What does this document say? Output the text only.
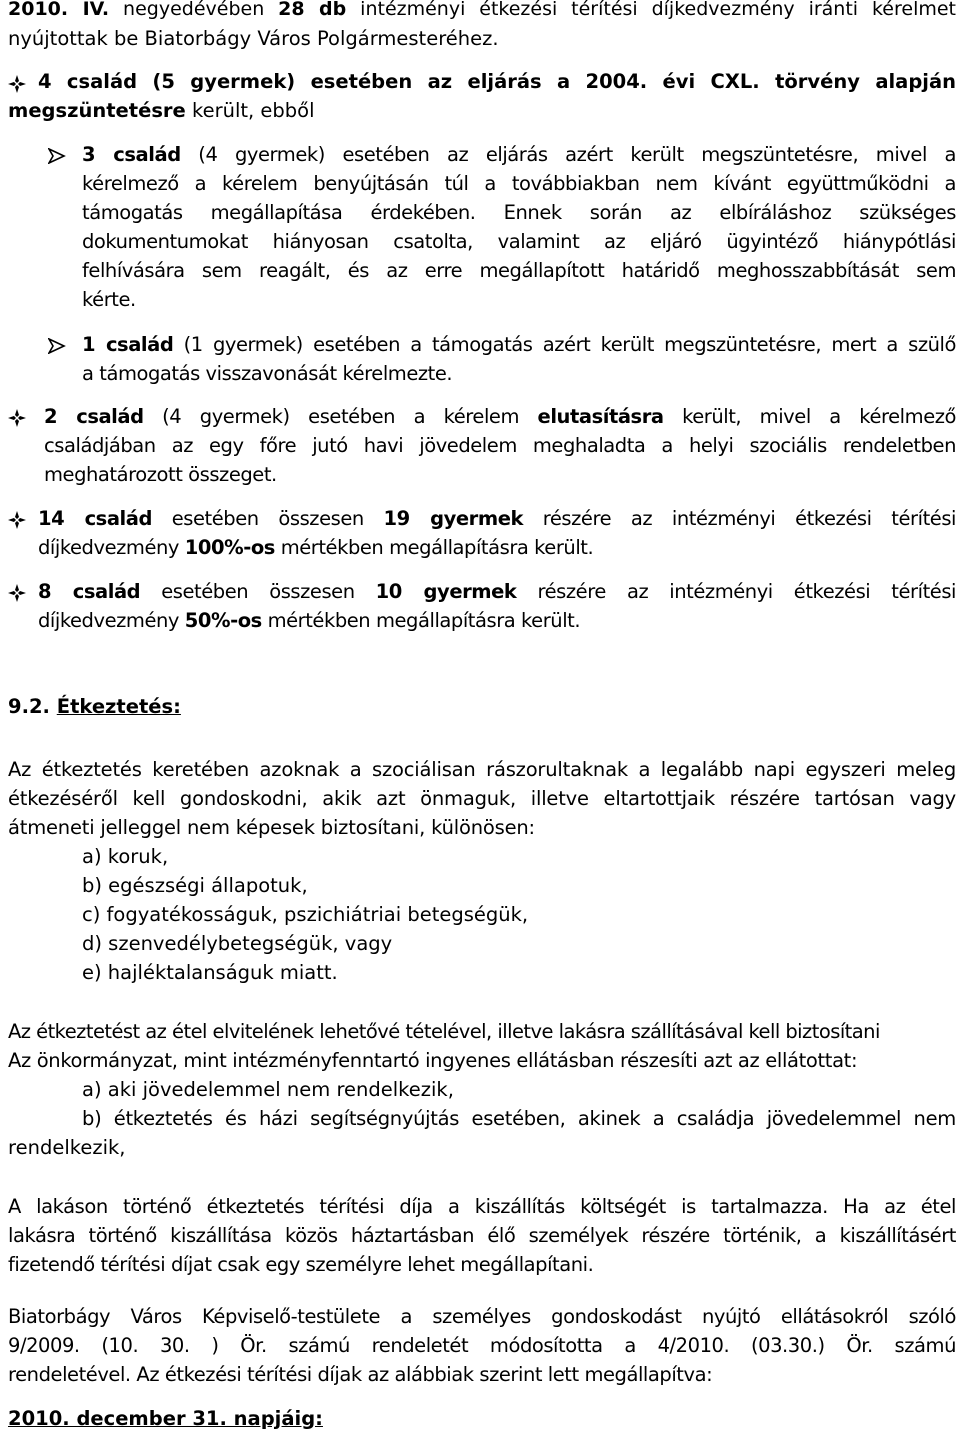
2010. IV. negyedévében 28 db intézményi étkezési térítési díjkedvezmény iránti kérelmet
nyújtottak be Biatorbágy Város Polgármesteréhez.
4 család (5 gyermek) esetében az eljárás a 2004. évi CXL. törvény alapján
megszüntetésre került, ebből
3 család (4 gyermek) esetében az eljárás azért került megszüntetésre, mivel a
kérelmező a kérelem benyújtásán túl a továbbiakban nem kívánt együttműködni a
támogatás megállapítása érdekében. Ennek során az elbíráláshoz szükséges
dokumentumokat hiányosan csatolta, valamint az eljáró ügyintéző hiánypótlási
felhívására sem reagált, és az erre megállapított határidő meghosszabbítását sem
kérte.
1 család (1 gyermek) esetében a támogatás azért került megszüntetésre, mert a szülő
a támogatás visszavonását kérelmezte.
2 család (4 gyermek) esetében a kérelem elutasításra került, mivel a kérelmező
családjában az egy főre jutó havi jövedelem meghaladta a helyi szociális rendeletben
meghatározott összeget.
14 család esetében összesen 19 gyermek részére az intézményi étkezési térítési
díjkedvezmény 100%-os mértékben megállapításra került.
8 család esetében összesen 10 gyermek részére az intézményi étkezési térítési
díjkedvezmény 50%-os mértékben megállapításra került.
9.2. Étkeztetés:
Az étkeztetés keretében azoknak a szociálisan rászorultaknak a legalább napi egyszeri meleg
étkezéséről kell gondoskodni, akik azt önmaguk, illetve eltartottjaik részére tartósan vagy
átmeneti jelleggel nem képesek biztosítani, különösen:
a) koruk,
b) egészségi állapotuk,
c) fogyatékosságuk, pszichiátriai betegségük,
d) szenvedélybetegségük, vagy
e) hajléktalanságuk miatt.
Az étkeztetést az étel elvitelének lehetővé tételével, illetve lakásra szállításával kell biztosítani
Az önkormányzat, mint intézményfenntartó ingyenes ellátásban részesíti azt az ellátottat:
a) aki jövedelemmel nem rendelkezik,
b) étkeztetés és házi segítségnyújtás esetében, akinek a családja jövedelemmel nem
rendelkezik,
A lakáson történő étkeztetés térítési díja a kiszállítás költségét is tartalmazza. Ha az étel
lakásra történő kiszállítása közös háztartásban élő személyek részére történik, a kiszállításért
fizetendő térítési díjat csak egy személyre lehet megállapítani.
Biatorbágy Város Képviselő-testülete a személyes gondoskodást nyújtó ellátásokról szóló
9/2009. (10. 30. ) Ör. számú rendeletét módosította a 4/2010. (03.30.) Ör. számú
rendeletével. Az étkezési térítési díjak az alábbiak szerint lett megállapítva:
2010. december 31. napjáig:
